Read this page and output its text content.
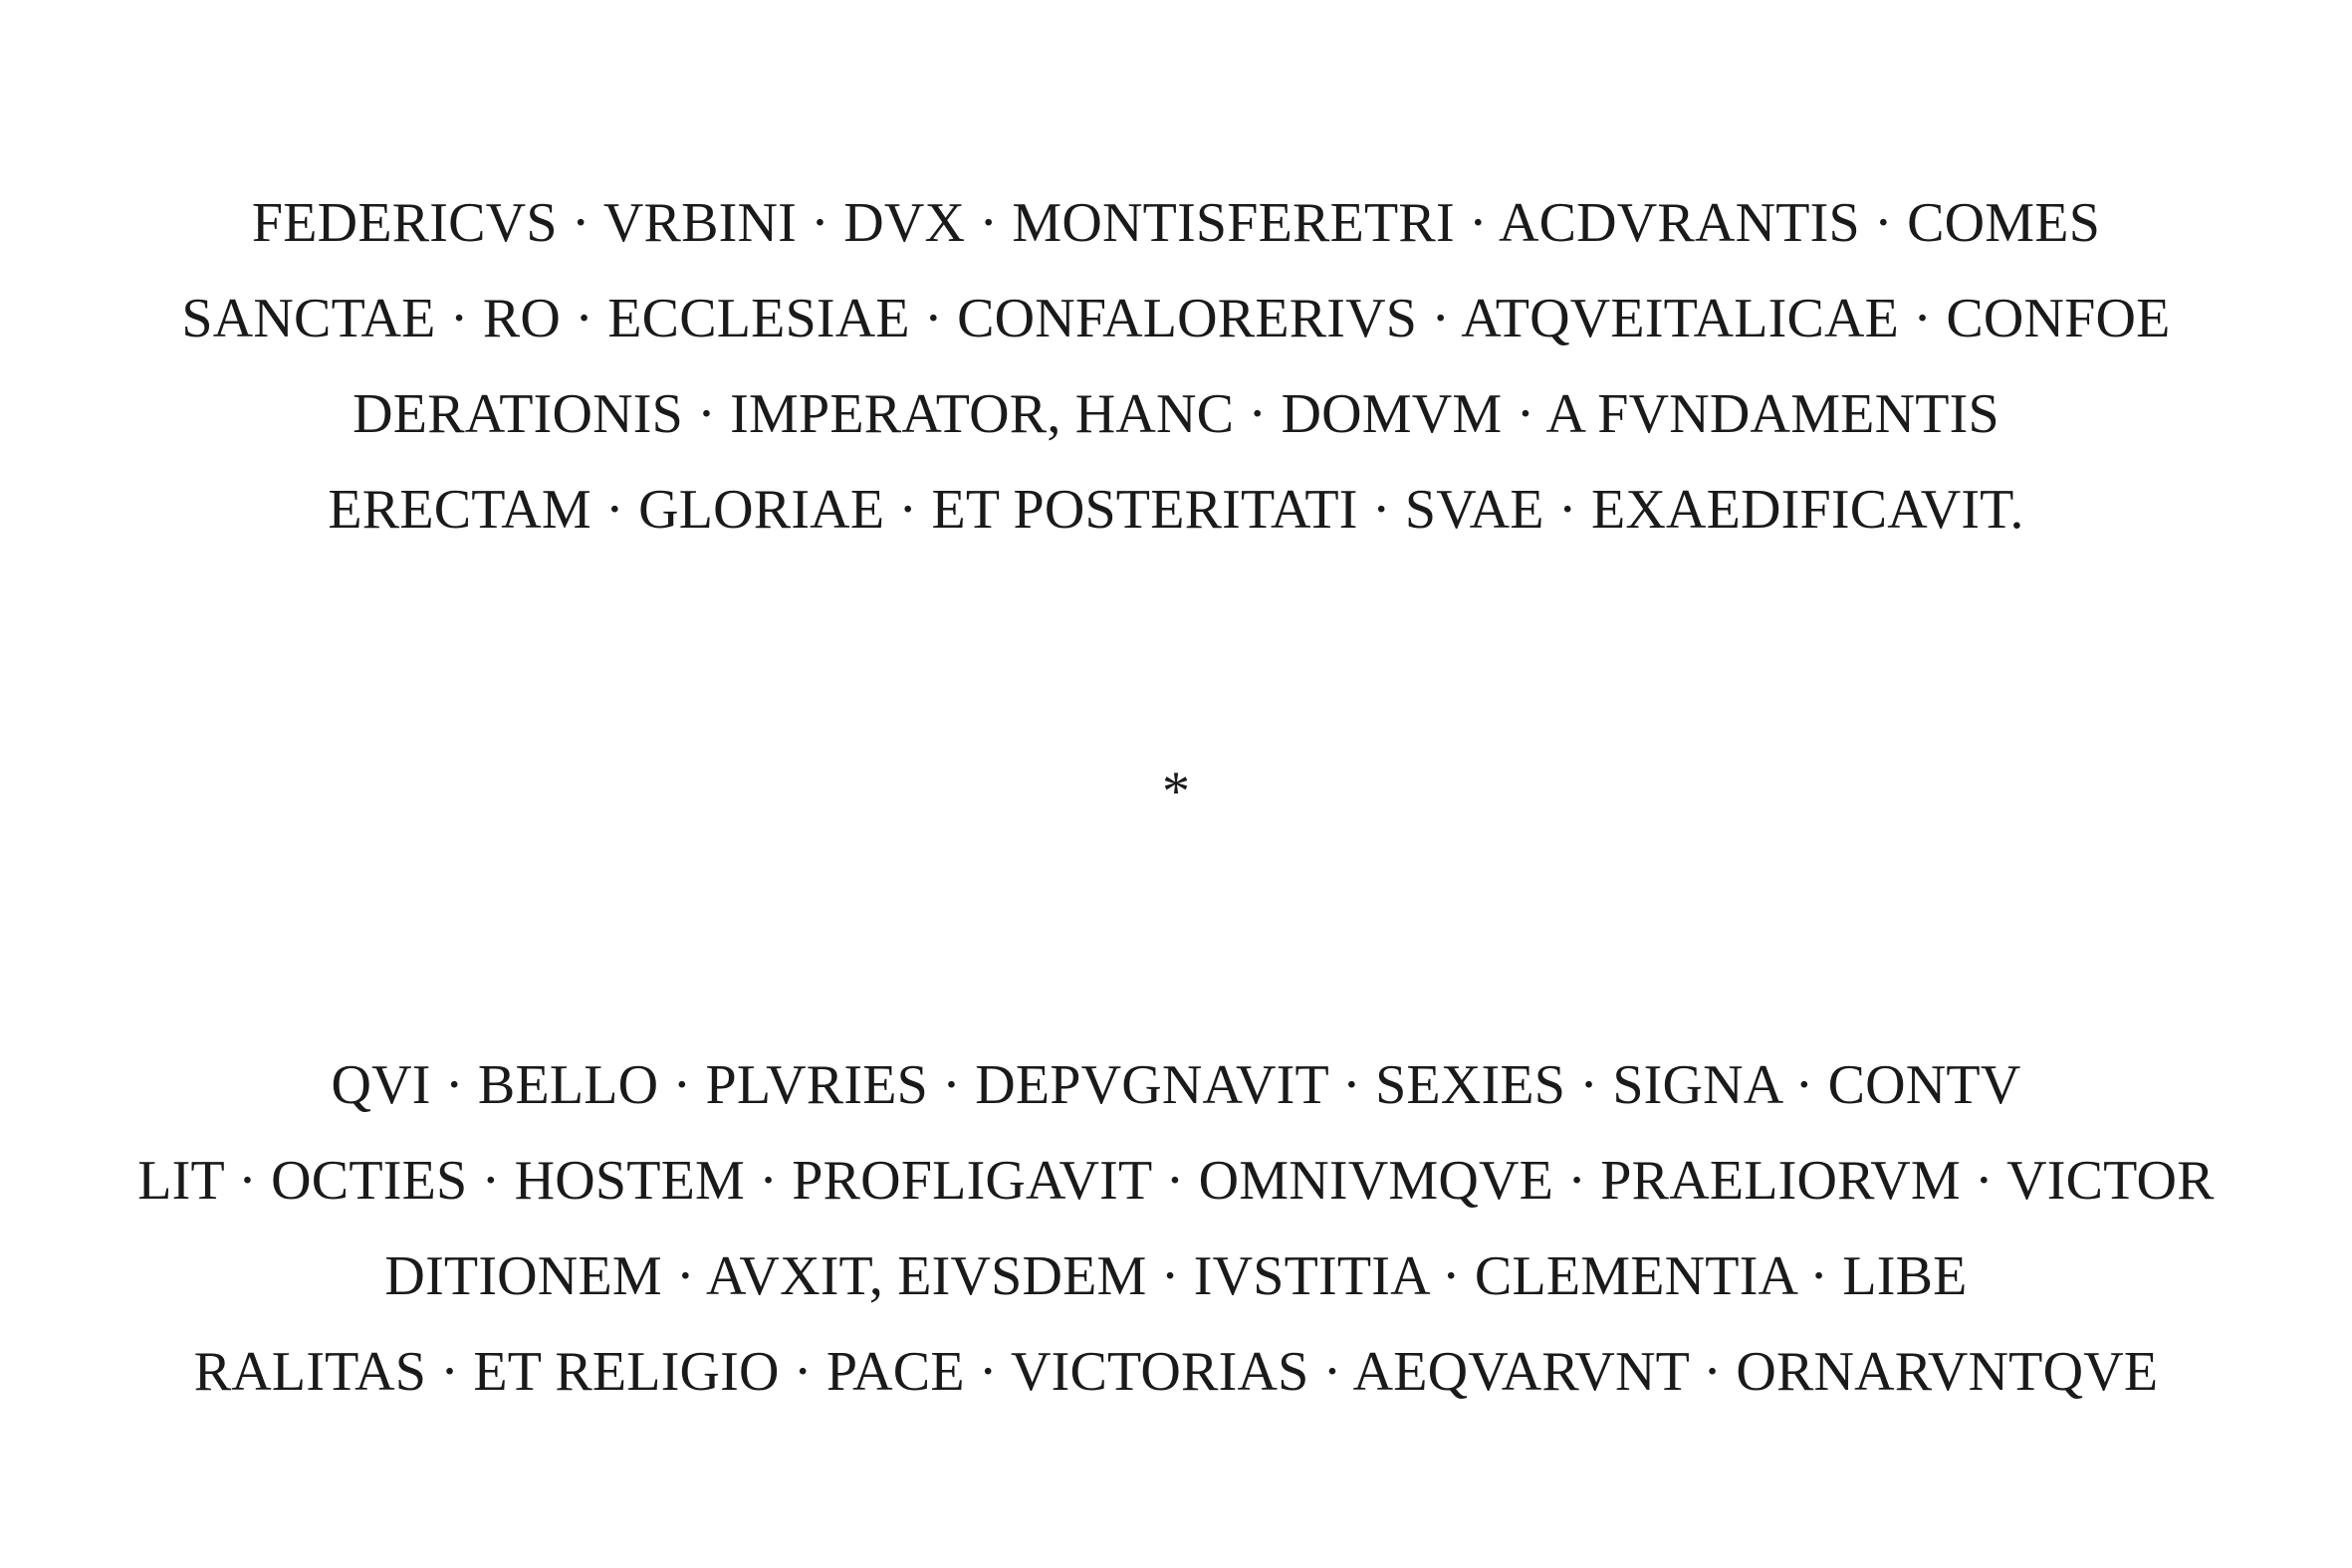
FEDERICVS · VRBINI · DVX · MONTISFERETRI · ACDVRANTIS · COMES
SANCTAE · RO · ECCLESIAE · CONFALORERIVS · ATQVEITALICAE · CONFOE
DERATIONIS · IMPERATOR, HANC · DOMVM · A FVNDAMENTIS
ERECTAM · GLORIAE · ET POSTERITATI · SVAE · EXAEDIFICAVIT.
*
QVI · BELLO · PLVRIES · DEPVGNAVIT · SEXIES · SIGNA · CONTV
LIT · OCTIES · HOSTEM · PROFLIGAVIT · OMNIVMQVE · PRAELIORVM · VICTOR
DITIONEM · AVXIT, EIVSDEM · IVSTITIA · CLEMENTIA · LIBE
RALITAS · ET RELIGIO · PACE · VICTORIAS · AEQVARVNT · ORNARVNTQVE
